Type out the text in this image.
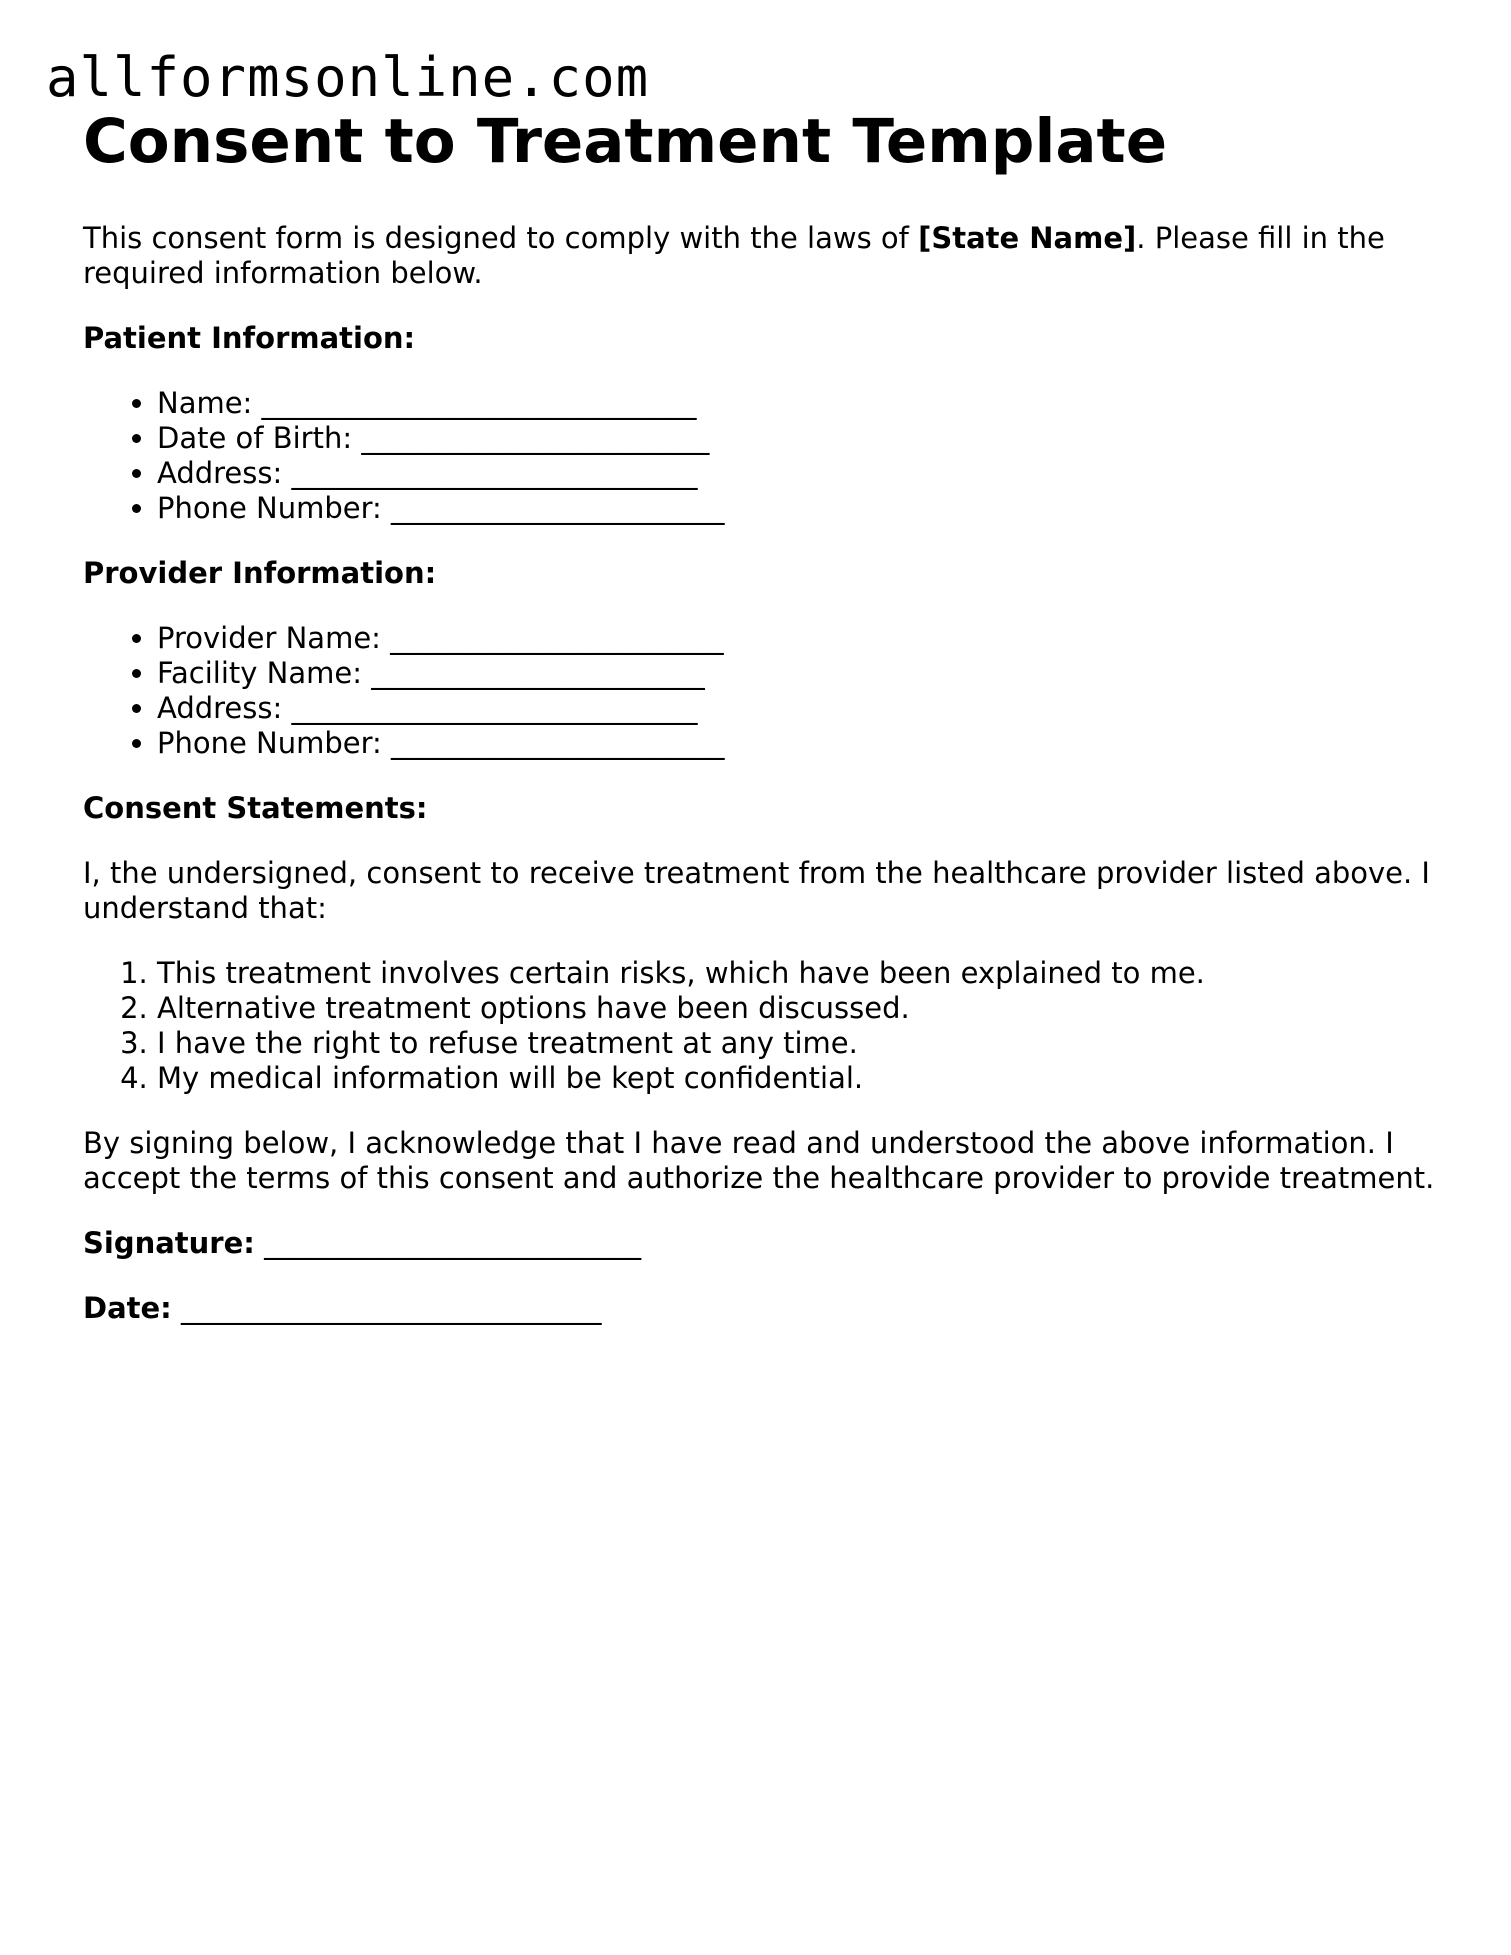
allformsonline.com
Consent to Treatment Template

This consent form is designed to comply with the laws of [State Name]. Please fill in the required information below.

Patient Information:

• Name: ______________________________
• Date of Birth: ________________________
• Address: ____________________________
• Phone Number: _______________________

Provider Information:

• Provider Name: _______________________
• Facility Name: _______________________
• Address: ____________________________
• Phone Number: _______________________

Consent Statements:

I, the undersigned, consent to receive treatment from the healthcare provider listed above. I understand that:

1. This treatment involves certain risks, which have been explained to me.
2. Alternative treatment options have been discussed.
3. I have the right to refuse treatment at any time.
4. My medical information will be kept confidential.

By signing below, I acknowledge that I have read and understood the above information. I accept the terms of this consent and authorize the healthcare provider to provide treatment.

Signature: __________________________

Date: _____________________________
